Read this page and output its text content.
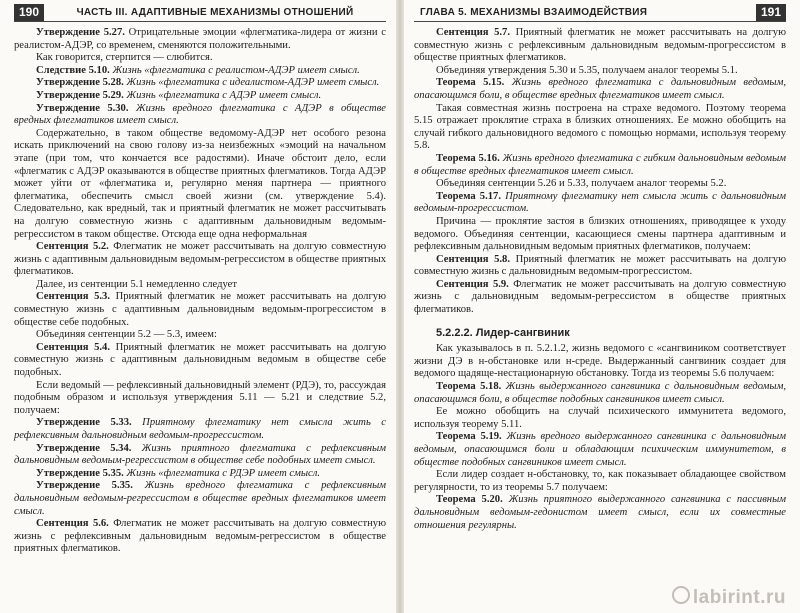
190	ЧАСТЬ III. АДАПТИВНЫЕ МЕХАНИЗМЫ ОТНОШЕНИЙ

Утверждение 5.27. Отрицательные эмоции «флегматика-лидера от жизни с реалистом-АДЭР, со временем, сменяются положительными.

Как говорится, стерпится — слюбится.

Следствие 5.10. Жизнь «флегматика с реалистом-АДЭР имеет смысл.

Утверждение 5.28. Жизнь «флегматика с идеалистом-АДЭР имеет смысл.

Утверждение 5.29. Жизнь «флегматика с АДЭР имеет смысл.

Утверждение 5.30. Жизнь вредного флегматика с АДЭР в обществе вредных флегматиков имеет смысл.

Содержательно, в таком обществе ведомому-АДЭР нет особого резона искать приключений на свою голову из-за неизбежных «эмоций на начальном этапе (при том, что кончается все радостями). Иначе обстоит дело, если «флегматик с АДЭР оказываются в обществе приятных флегматиков. Тогда АДЭР может уйти от «флегматика и, регулярно меняя партнера — приятного флегматика, обеспечить смысл своей жизни (см. утверждение 5.4). Следовательно, как вредный, так и приятный флегматик не может рассчитывать на долгую совместную жизнь с адаптивным дальновидным ведомым-регрессистом в таком обществе. Отсюда еще одна неформальная

Сентенция 5.2. Флегматик не может рассчитывать на долгую совместную жизнь с адаптивным дальновидным ведомым-регрессистом в обществе приятных флегматиков.

Далее, из сентенции 5.1 немедленно следует

Сентенция 5.3. Приятный флегматик не может рассчитывать на долгую совместную жизнь с адаптивным дальновидным ведомым-прогрессистом в обществе себе подобных.

Объединяя сентенции 5.2 — 5.3, имеем:

Сентенция 5.4. Приятный флегматик не может рассчитывать на долгую совместную жизнь с адаптивным дальновидным ведомым в обществе себе подобных.

Если ведомый — рефлексивный дальновидный элемент (РДЭ), то, рассуждая подобным образом и используя утверждения 5.11 — 5.21 и следствие 5.2, получаем:

Утверждение 5.33. Приятному флегматику нет смысла жить с рефлексивным дальновидным ведомым-прогрессистом.

Утверждение 5.34. Жизнь приятного флегматика с рефлексивным дальновидным ведомым-регрессистом в обществе себе подобных имеет смысл.

Утверждение 5.35. Жизнь «флегматика с РДЭР имеет смысл.

Утверждение 5.35. Жизнь вредного флегматика с рефлексивным дальновидным ведомым-регрессистом в обществе вредных флегматиков имеет смысл.

Сентенция 5.6. Флегматик не может рассчитывать на долгую совместную жизнь с рефлексивным дальновидным ведомым-регрессистом в обществе приятных флегматиков.

ГЛАВА 5. МЕХАНИЗМЫ ВЗАИМОДЕЙСТВИЯ	191

Сентенция 5.7. Приятный флегматик не может рассчитывать на долгую совместную жизнь с рефлексивным дальновидным ведомым-прогрессистом в обществе приятных флегматиков.

Объединяя утверждения 5.30 и 5.35, получаем аналог теоремы 5.1.

Теорема 5.15. Жизнь вредного флегматика с дальновидным ведомым, опасающимся боли, в обществе вредных флегматиков имеет смысл.

Такая совместная жизнь построена на страхе ведомого. Поэтому теорема 5.15 отражает проклятие страха в близких отношениях. Ее можно обобщить на случай гибкого дальновидного ведомого с помощью нормами, используя теорему 5.8.

Теорема 5.16. Жизнь вредного флегматика с гибким дальновидным ведомым в обществе вредных флегматиков имеет смысл.

Объединяя сентенции 5.26 и 5.33, получаем аналог теоремы 5.2.

Теорема 5.17. Приятному флегматику нет смысла жить с дальновидным ведомым-прогрессистом.

Причина — проклятие застоя в близких отношениях, приводящее к уходу ведомого. Объединяя сентенции, касающиеся смены партнера адаптивным и рефлексивным дальновидным ведомым приятных флегматиков, получаем:

Сентенция 5.8. Приятный флегматик не может рассчитывать на долгую совместную жизнь с дальновидным ведомым-прогрессистом.

Сентенция 5.9. Флегматик не может рассчитывать на долгую совместную жизнь с дальновидным ведомым-регрессистом в обществе приятных флегматиков.

5.2.2.2. Лидер-сангвиник

Как указывалось в п. 5.2.1.2, жизнь ведомого с «сангвиником соответствует жизни ДЭ в н-обстановке или н-среде. Выдержанный сангвиник создает для ведомого щадяще-нестационарную обстановку. Тогда из теоремы 5.6 получаем:

Теорема 5.18. Жизнь выдержанного сангвиника с дальновидным ведомым, опасающимся боли, в обществе подобных сангвиников имеет смысл.

Ее можно обобщить на случай психического иммунитета ведомого, используя теорему 5.11.

Теорема 5.19. Жизнь вредного выдержанного сангвиника с дальновидным ведомым, опасающимся боли и обладающим психическим иммунитетом, в обществе подобных сангвиников имеет смысл.

Если лидер создает н-обстановку, то, как показывает обладающее свойством регулярности, то из теоремы 5.7 получаем:

Теорема 5.20. Жизнь приятного выдержанного сангвиника с пассивным дальновидным ведомым-гедонистом имеет смысл, если их совместные отношения регулярны.

labirint.ru
